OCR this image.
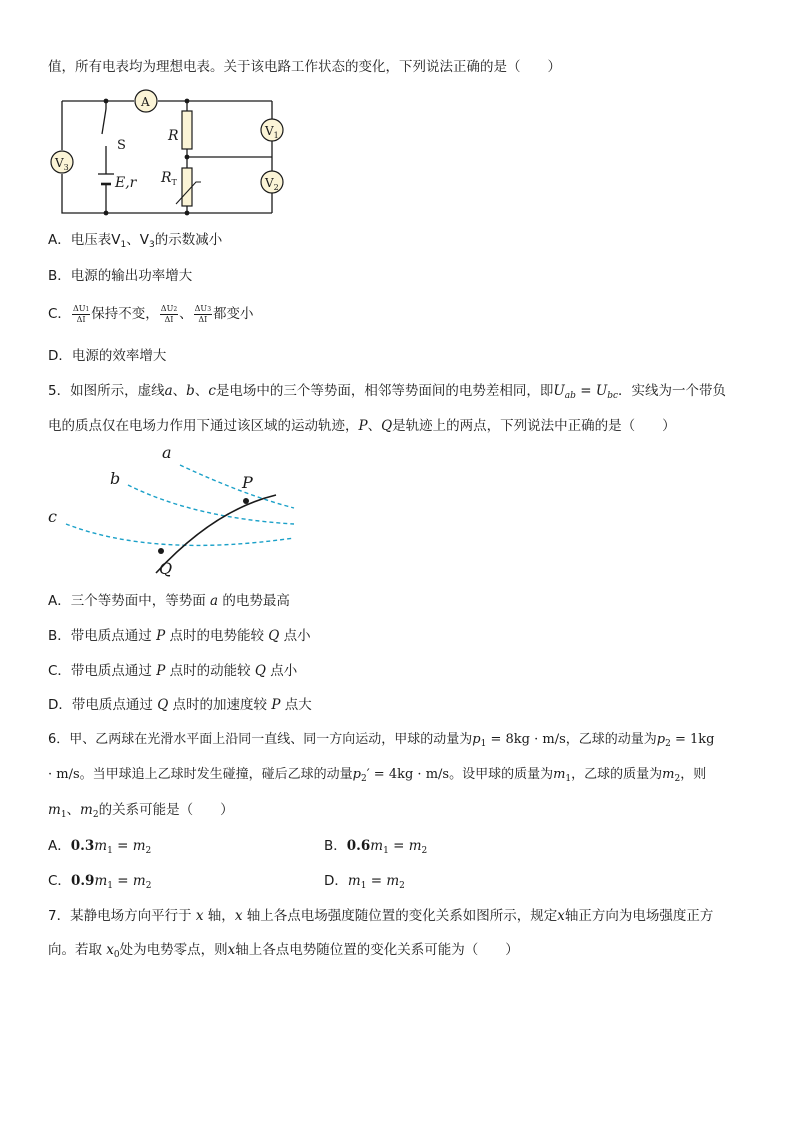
值，所有电表均为理想电表。关于该电路工作状态的变化，下列说法正确的是（　　）
A
$V_1$
$V_2$
$V_3$
S
E,r
R
$R_T$
A．电压表$V_1$、$V_3$的示数减小
B．电源的输出功率增大
C． $\frac{\Delta U1}{\Delta I}$ 保持不变， $\frac{\Delta U2}{\Delta I}$ 、 $\frac{\Delta U3}{\Delta I}$ 都变小
D．电源的效率增大
5．如图所示，虚线a、b、c是电场中的三个等势面，相邻等势面间的电势差相同，即$U_{ab} = U_{bc}$．实线为一个带负
电的质点仅在电场力作用下通过该区域的运动轨迹，P、Q是轨迹上的两点，下列说法中正确的是（　　）
a
b
c
P
Q
A．三个等势面中，等势面 a 的电势最高
B．带电质点通过 P 点时的电势能较 Q 点小
C．带电质点通过 P 点时的动能较 Q 点小
D．带电质点通过 Q 点时的加速度较 P 点大
6．甲、乙两球在光滑水平面上沿同一直线、同一方向运动，甲球的动量为$p_1 = 8kg \cdot m/s$，乙球的动量为$p_2 = 1kg$
· m/s。当甲球追上乙球时发生碰撞，碰后乙球的动量$p_2' = 4kg \cdot m/s$。设甲球的质量为$m_1$，乙球的质量为$m_2$，则
$m_1$、$m_2$的关系可能是（　　）
A．$0.3m_1 = m_2$	B．$0.6m_1 = m_2$
C．$0.9m_1 = m_2$	D．$m_1 = m_2$
7．某静电场方向平行于 x 轴，x 轴上各点电场强度随位置的变化关系如图所示，规定x轴正方向为电场强度正方
向。若取 $x_0$处为电势零点，则x轴上各点电势随位置的变化关系可能为（　　）
